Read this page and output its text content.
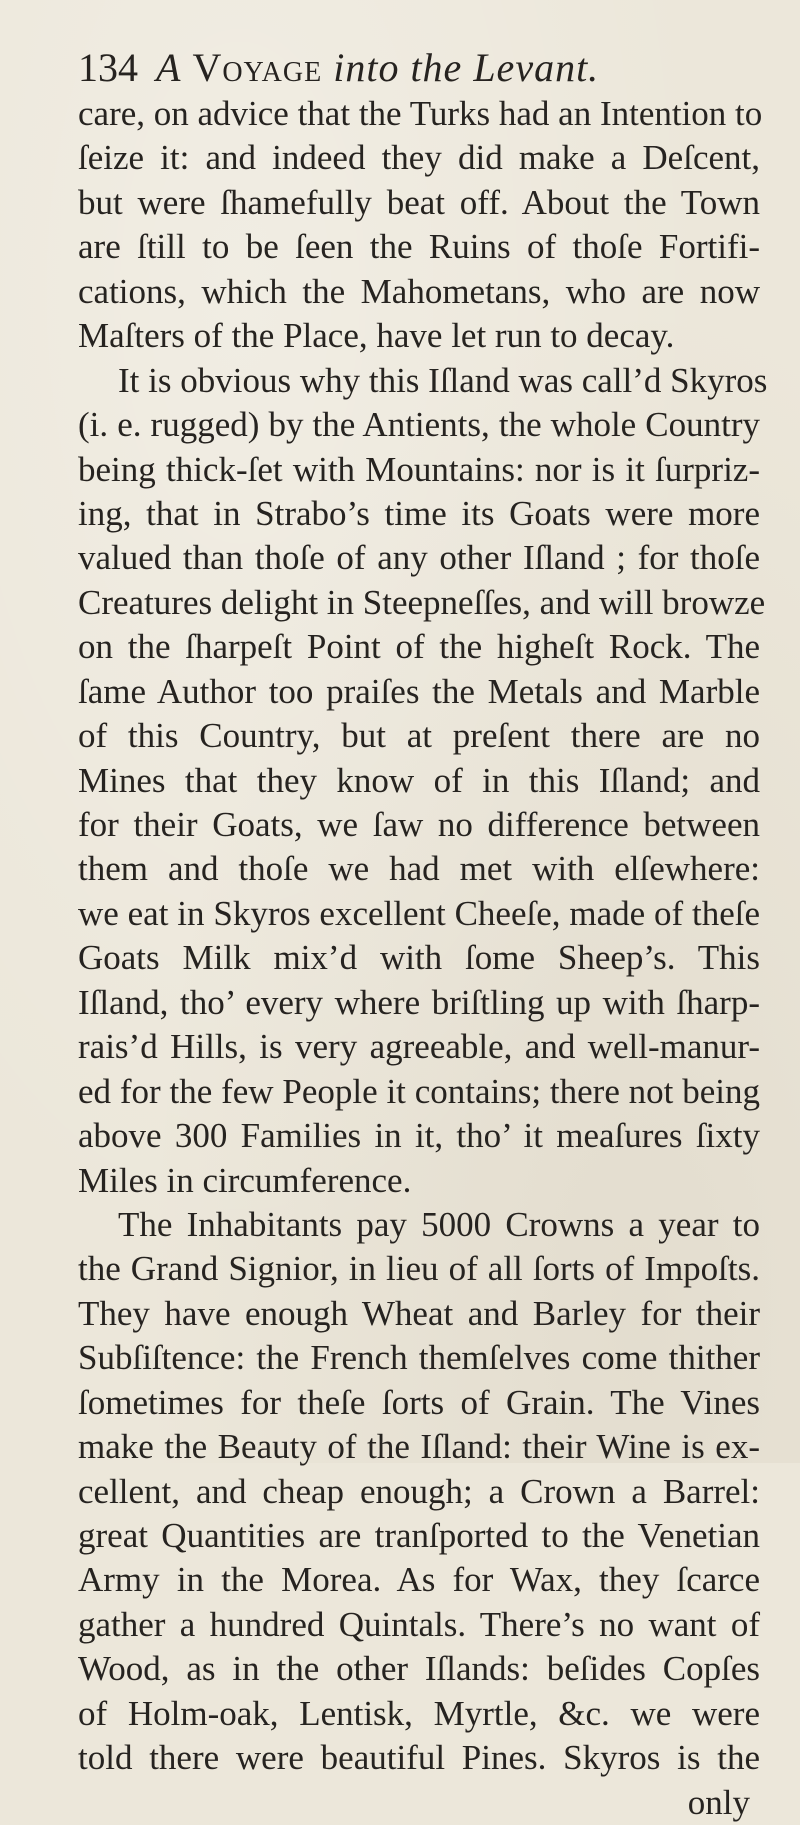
134 A Voyage into the Levant.
care, on advice that the Turks had an Intention to
ſeize it: and indeed they did make a Deſcent,
but were ſhamefully beat off. About the Town
are ſtill to be ſeen the Ruins of thoſe Fortifi-
cations, which the Mahometans, who are now
Maſters of the Place, have let run to decay.
It is obvious why this Iſland was call’d Skyros
(i. e. rugged) by the Antients, the whole Country
being thick-ſet with Mountains: nor is it ſurpriz-
ing, that in Strabo’s time its Goats were more
valued than thoſe of any other Iſland ; for thoſe
Creatures delight in Steepneſſes, and will browze
on the ſharpeſt Point of the higheſt Rock. The
ſame Author too praiſes the Metals and Marble
of this Country, but at preſent there are no
Mines that they know of in this Iſland; and
for their Goats, we ſaw no difference between
them and thoſe we had met with elſewhere:
we eat in Skyros excellent Cheeſe, made of theſe
Goats Milk mix’d with ſome Sheep’s. This
Iſland, tho’ every where briſtling up with ſharp-
rais’d Hills, is very agreeable, and well-manur-
ed for the few People it contains; there not being
above 300 Families in it, tho’ it meaſures ſixty
Miles in circumference.
The Inhabitants pay 5000 Crowns a year to
the Grand Signior, in lieu of all ſorts of Impoſts.
They have enough Wheat and Barley for their
Subſiſtence: the French themſelves come thither
ſometimes for theſe ſorts of Grain. The Vines
make the Beauty of the Iſland: their Wine is ex-
cellent, and cheap enough; a Crown a Barrel:
great Quantities are tranſported to the Venetian
Army in the Morea. As for Wax, they ſcarce
gather a hundred Quintals. There’s no want of
Wood, as in the other Iſlands: beſides Copſes
of Holm-oak, Lentisk, Myrtle, &c. we were
told there were beautiful Pines. Skyros is the
only
